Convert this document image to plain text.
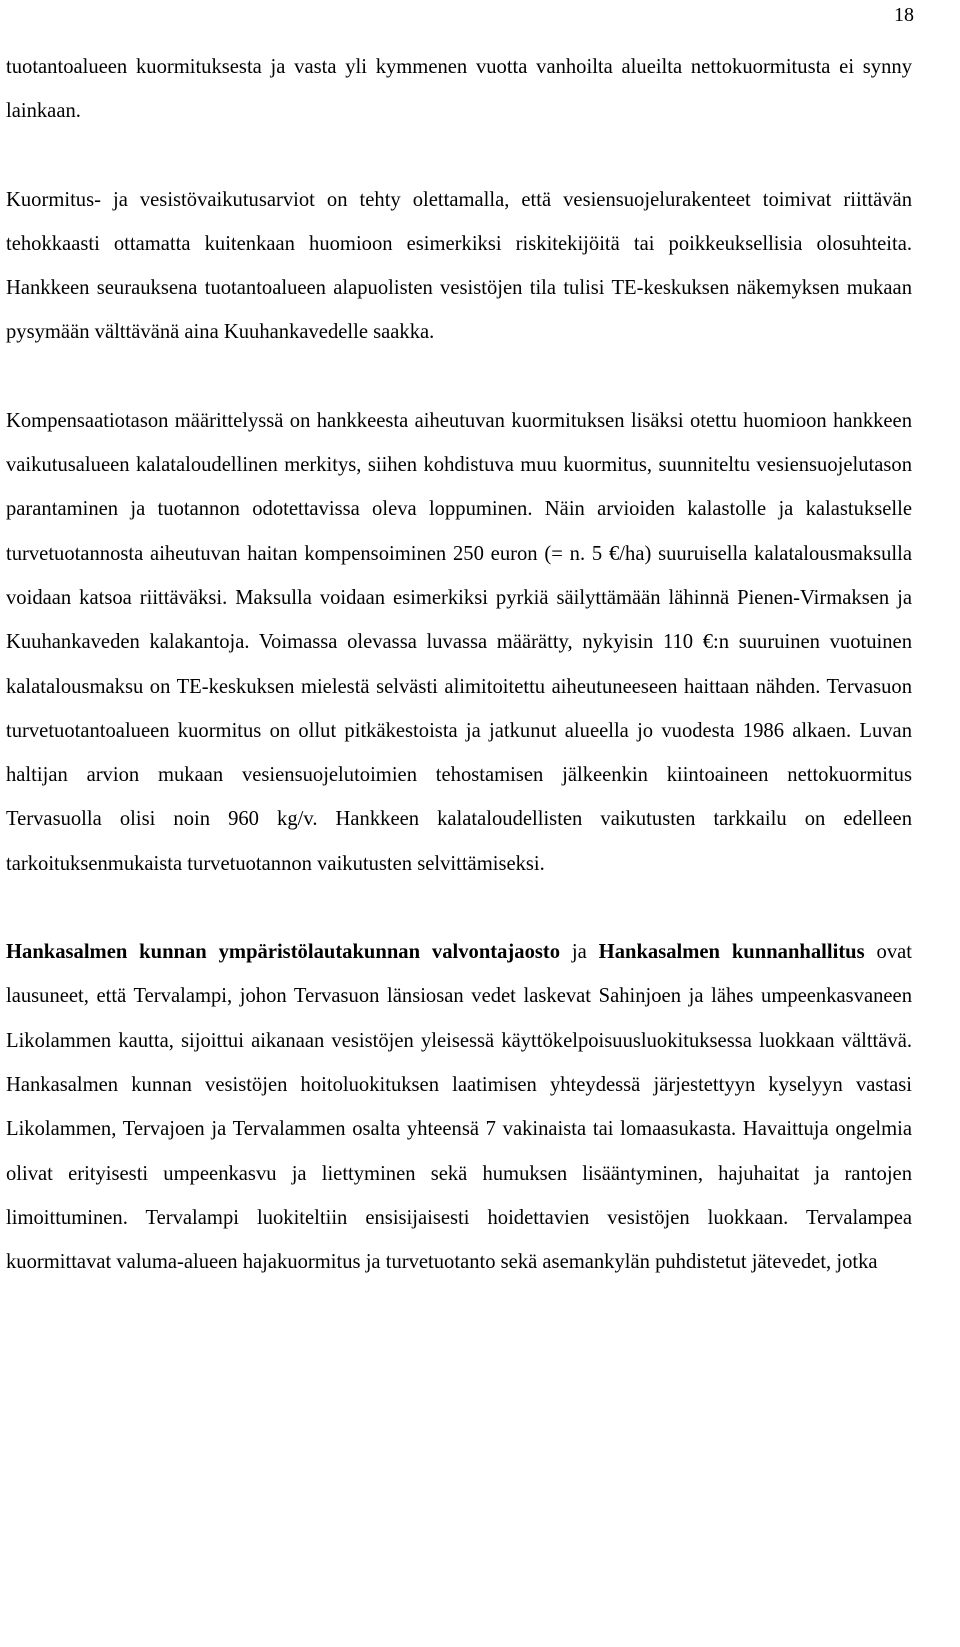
18

tuotantoalueen kuormituksesta ja vasta yli kymmenen vuotta vanhoilta alueilta nettokuormitusta ei synny lainkaan.

Kuormitus- ja vesistövaikutusarviot on tehty olettamalla, että vesiensuojelurakenteet toimivat riittävän tehokkaasti ottamatta kuitenkaan huomioon esimerkiksi riskitekijöitä tai poikkeuksellisia olosuhteita. Hankkeen seurauksena tuotantoalueen alapuolisten vesistöjen tila tulisi TE-keskuksen näkemyksen mukaan pysymään välttävänä aina Kuuhankavedelle saakka.

Kompensaatiotason määrittelyssä on hankkeesta aiheutuvan kuormituksen lisäksi otettu huomioon hankkeen vaikutusalueen kalataloudellinen merkitys, siihen kohdistuva muu kuormitus, suunniteltu vesiensuojelutason parantaminen ja tuotannon odotettavissa oleva loppuminen. Näin arvioiden kalastolle ja kalastukselle turvetuotannosta aiheutuvan haitan kompensoiminen 250 euron (= n. 5 €/ha) suuruisella kalatalousmaksulla voidaan katsoa riittäväksi. Maksulla voidaan esimerkiksi pyrkiä säilyttämään lähinnä Pienen-Virmaksen ja Kuuhankaveden kalakantoja. Voimassa olevassa luvassa määrätty, nykyisin 110 €:n suuruinen vuotuinen kalatalousmaksu on TE-keskuksen mielestä selvästi alimitoitettu aiheutuneeseen haittaan nähden. Tervasuon turvetuotantoalueen kuormitus on ollut pitkäkestoista ja jatkunut alueella jo vuodesta 1986 alkaen. Luvan haltijan arvion mukaan vesiensuojelutoimien tehostamisen jälkeenkin kiintoaineen nettokuormitus Tervasuolla olisi noin 960 kg/v. Hankkeen kalataloudellisten vaikutusten tarkkailu on edelleen tarkoituksenmukaista turvetuotannon vaikutusten selvittämiseksi.

Hankasalmen kunnan ympäristölautakunnan valvontajaosto ja Hankasalmen kunnanhallitus ovat lausuneet, että Tervalampi, johon Tervasuon länsiosan vedet laskevat Sahinjoen ja lähes umpeenkasvaneen Likolammen kautta, sijoittui aikanaan vesistöjen yleisessä käyttökelpoisuusluokituksessa luokkaan välttävä. Hankasalmen kunnan vesistöjen hoitoluokituksen laatimisen yhteydessä järjestettyyn kyselyyn vastasi Likolammen, Tervajoen ja Tervalammen osalta yhteensä 7 vakinaista tai lomaasukasta. Havaittuja ongelmia olivat erityisesti umpeenkasvu ja liettyminen sekä humuksen lisääntyminen, hajuhaitat ja rantojen limoittuminen. Tervalampi luokiteltiin ensisijaisesti hoidettavien vesistöjen luokkaan. Tervalampea kuormittavat valuma-alueen hajakuormitus ja turvetuotanto sekä asemankylän puhdistetut jätevedet, jotka
